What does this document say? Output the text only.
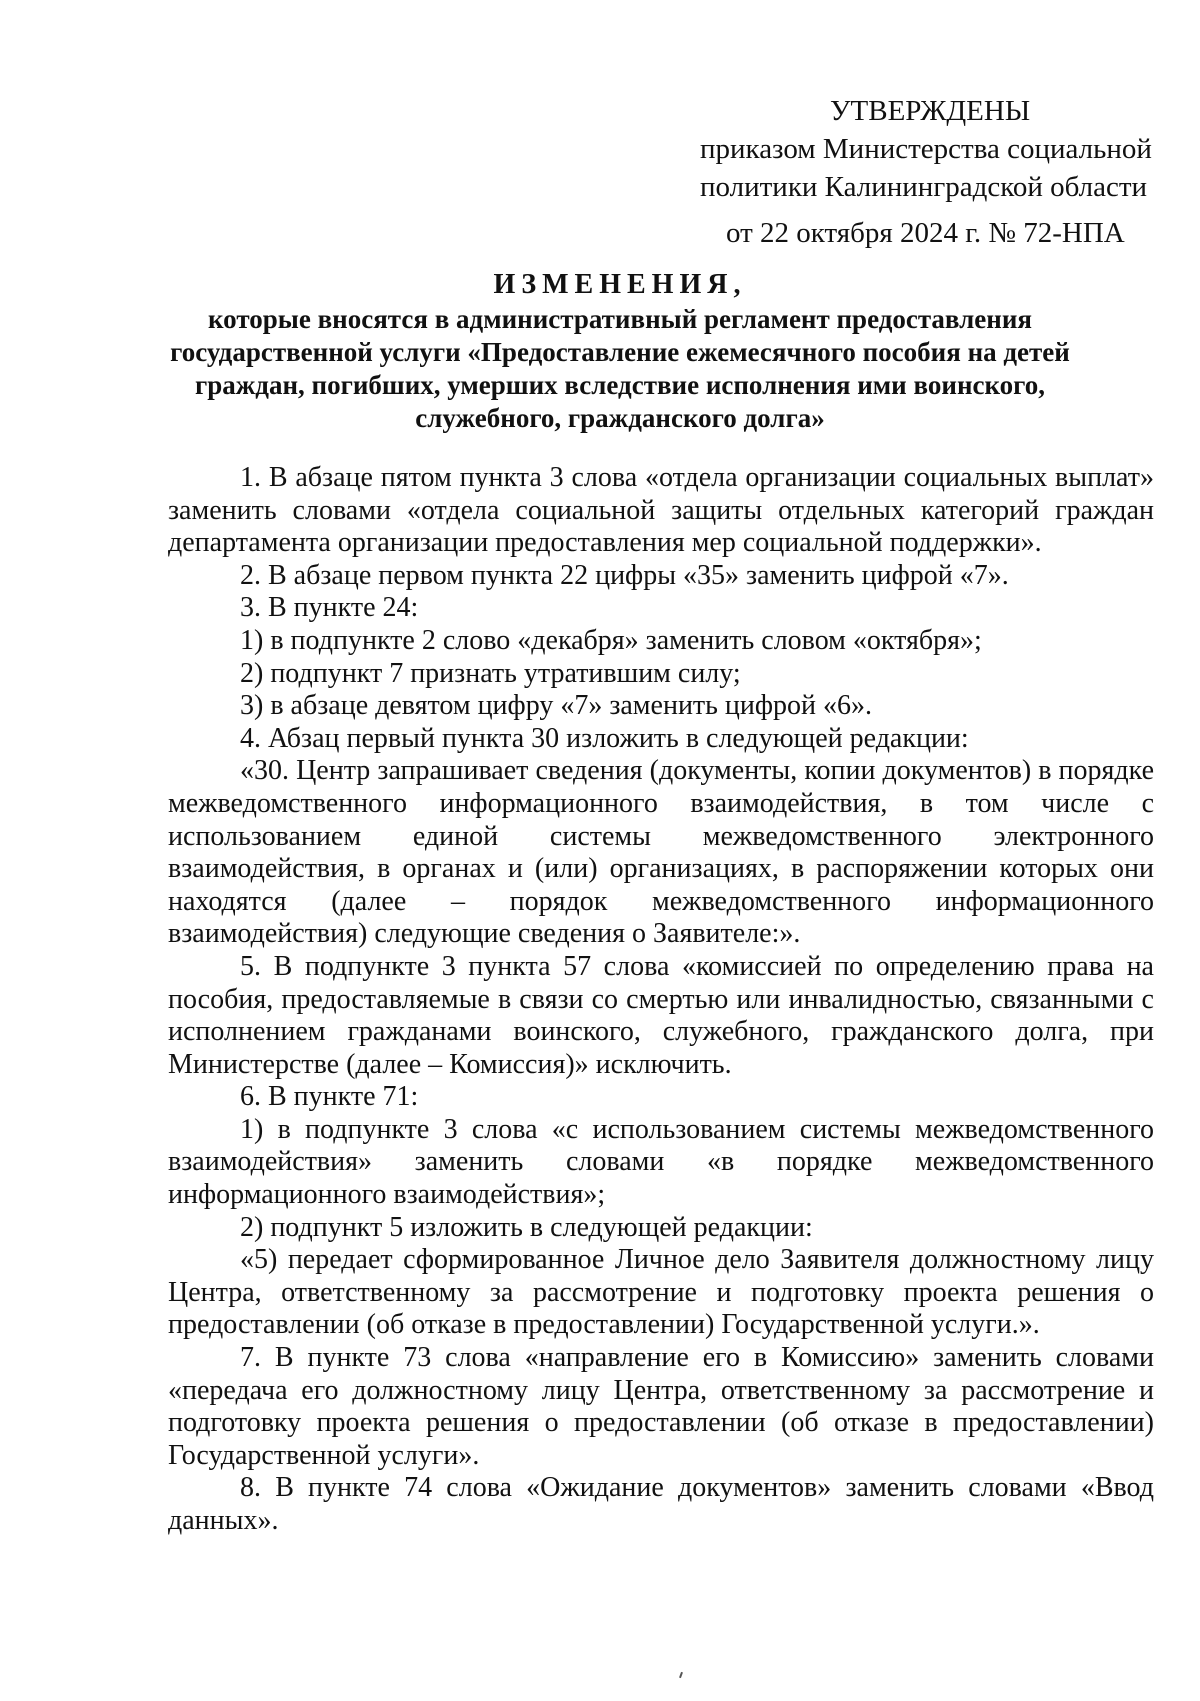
УТВЕРЖДЕНЫ
приказом Министерства социальной
политики Калининградской области
от 22 октября 2024 г. № 72-НПА
ИЗМЕНЕНИЯ,
которые вносятся в административный регламент предоставления государственной услуги «Предоставление ежемесячного пособия на детей граждан, погибших, умерших вследствие исполнения ими воинского, служебного, гражданского долга»

1. В абзаце пятом пункта 3 слова «отдела организации социальных выплат» заменить словами «отдела социальной защиты отдельных категорий граждан департамента организации предоставления мер социальной поддержки».

2. В абзаце первом пункта 22 цифры «35» заменить цифрой «7».

3. В пункте 24:

1) в подпункте 2 слово «декабря» заменить словом «октября»;

2) подпункт 7 признать утратившим силу;

3) в абзаце девятом цифру «7» заменить цифрой «6».

4. Абзац первый пункта 30 изложить в следующей редакции:

«30. Центр запрашивает сведения (документы, копии документов) в порядке межведомственного информационного взаимодействия, в том числе с использованием единой системы межведомственного электронного взаимодействия, в органах и (или) организациях, в распоряжении которых они находятся (далее – порядок межведомственного информационного взаимодействия) следующие сведения о Заявителе:».

5. В подпункте 3 пункта 57 слова «комиссией по определению права на пособия, предоставляемые в связи со смертью или инвалидностью, связанными с исполнением гражданами воинского, служебного, гражданского долга, при Министерстве (далее – Комиссия)» исключить.

6. В пункте 71:

1) в подпункте 3 слова «с использованием системы межведомственного взаимодействия» заменить словами «в порядке межведомственного информационного взаимодействия»;

2) подпункт 5 изложить в следующей редакции:

«5) передает сформированное Личное дело Заявителя должностному лицу Центра, ответственному за рассмотрение и подготовку проекта решения о предоставлении (об отказе в предоставлении) Государственной услуги.».

7. В пункте 73 слова «направление его в Комиссию» заменить словами «передача его должностному лицу Центра, ответственному за рассмотрение и подготовку проекта решения о предоставлении (об отказе в предоставлении) Государственной услуги».

8. В пункте 74 слова «Ожидание документов» заменить словами «Ввод данных».
